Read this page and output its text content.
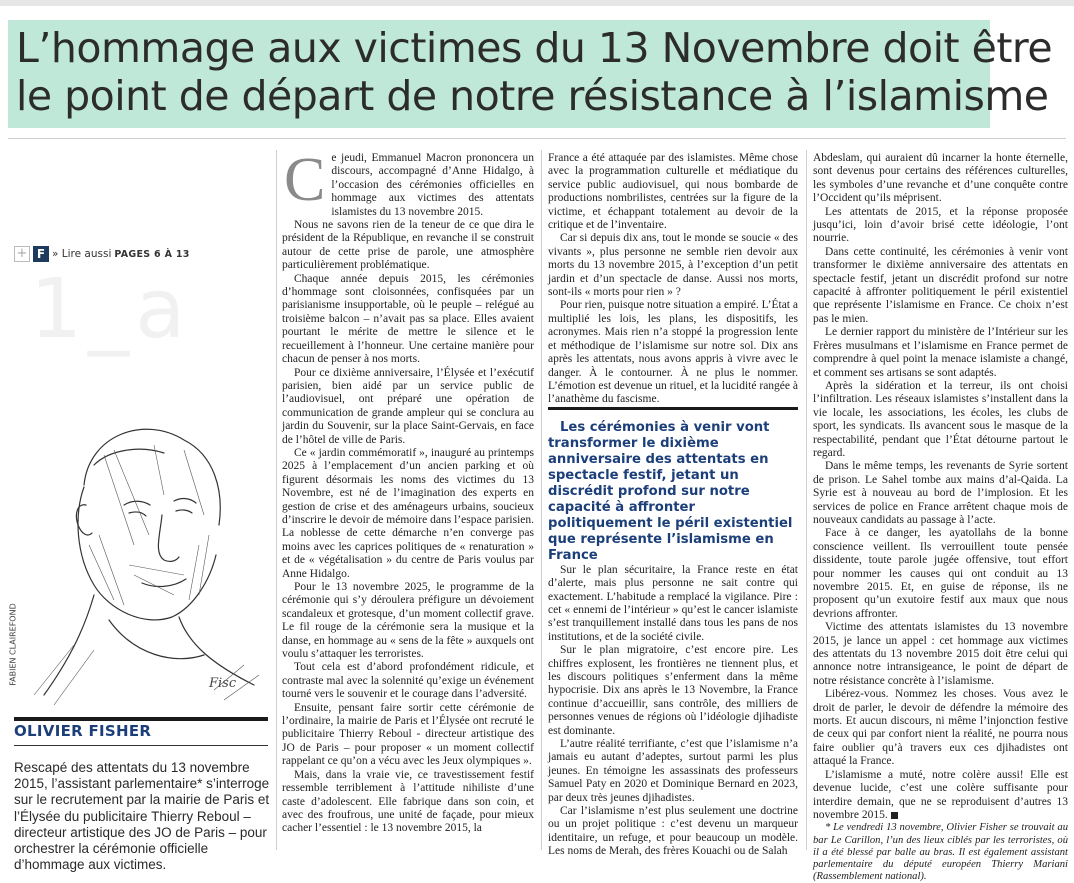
L’hommage aux victimes du 13 Novembre doit être
le point de départ de notre résistance à l’islamisme
1_a
+ F » Lire aussi PAGES 6 À 13
Fisc
FABIEN CLAIREFOND
OLIVIER FISHER
Rescapé des attentats du 13 novembre 2015, l’assistant parlementaire* s’interroge sur le recrutement par la mairie de Paris et l’Élysée du publicitaire Thierry Reboul – directeur artistique des JO de Paris – pour orchestrer la cérémonie officielle d’hommage aux victimes.
C e jeudi, Emmanuel Macron prononcera un discours, accompagné d’Anne Hidalgo, à l’occasion des cérémonies officielles en hommage aux victimes des attentats islamistes du 13 novembre 2015.

Nous ne savons rien de la teneur de ce que dira le président de la République, en revanche il se construit autour de cette prise de parole, une atmosphère particulièrement problématique.

Chaque année depuis 2015, les cérémonies d’hommage sont cloisonnées, confisquées par un parisianisme insupportable, où le peuple – relégué au troisième balcon – n’avait pas sa place. Elles avaient pourtant le mérite de mettre le silence et le recueillement à l’honneur. Une certaine manière pour chacun de penser à nos morts.

Pour ce dixième anniversaire, l’Élysée et l’exécutif parisien, bien aidé par un service public de l’audiovisuel, ont préparé une opération de communication de grande ampleur qui se conclura au jardin du Souvenir, sur la place Saint-Gervais, en face de l’hôtel de ville de Paris.

Ce « jardin commémoratif », inauguré au printemps 2025 à l’emplacement d’un ancien parking et où figurent désormais les noms des victimes du 13 Novembre, est né de l’imagination des experts en gestion de crise et des aménageurs urbains, soucieux d’inscrire le devoir de mémoire dans l’espace parisien. La noblesse de cette démarche n’en converge pas moins avec les caprices politiques de « renaturation » et de « végétalisation » du centre de Paris voulus par Anne Hidalgo.

Pour le 13 novembre 2025, le programme de la cérémonie qui s’y déroulera préfigure un dévoiement scandaleux et grotesque, d’un moment collectif grave. Le fil rouge de la cérémonie sera la musique et la danse, en hommage au « sens de la fête » auxquels ont voulu s’attaquer les terroristes.

Tout cela est d’abord profondément ridicule, et contraste mal avec la solennité qu’exige un événement tourné vers le souvenir et le courage dans l’adversité.

Ensuite, pensant faire sortir cette cérémonie de l’ordinaire, la mairie de Paris et l’Élysée ont recruté le publicitaire Thierry Reboul - directeur artistique des JO de Paris – pour proposer « un moment collectif rappelant ce qu’on a vécu avec les Jeux olympiques ».

Mais, dans la vraie vie, ce travestissement festif ressemble terriblement à l’attitude nihiliste d’une caste d’adolescent. Elle fabrique dans son coin, et avec des froufrous, une unité de façade, pour mieux cacher l’essentiel : le 13 novembre 2015, la

France a été attaquée par des islamistes. Même chose avec la programmation culturelle et médiatique du service public audiovisuel, qui nous bombarde de productions nombrilistes, centrées sur la figure de la victime, et échappant totalement au devoir de la critique et de l’inventaire.

Car si depuis dix ans, tout le monde se soucie « des vivants », plus personne ne semble rien devoir aux morts du 13 novembre 2015, à l’exception d’un petit jardin et d’un spectacle de danse. Aussi nos morts, sont-ils « morts pour rien » ?

Pour rien, puisque notre situation a empiré. L’État a multiplié les lois, les plans, les dispositifs, les acronymes. Mais rien n’a stoppé la progression lente et méthodique de l’islamisme sur notre sol. Dix ans après les attentats, nous avons appris à vivre avec le danger. À le contourner. À ne plus le nommer. L’émotion est devenue un rituel, et la lucidité rangée à l’anathème du fascisme.

Les cérémonies à venir vont transformer le dixième anniversaire des attentats en spectacle festif, jetant un discrédit profond sur notre capacité à affronter politiquement le péril existentiel que représente l’islamisme en France

Sur le plan sécuritaire, la France reste en état d’alerte, mais plus personne ne sait contre qui exactement. L’habitude a remplacé la vigilance. Pire : cet « ennemi de l’intérieur » qu’est le cancer islamiste s’est tranquillement installé dans tous les pans de nos institutions, et de la société civile.

Sur le plan migratoire, c’est encore pire. Les chiffres explosent, les frontières ne tiennent plus, et les discours politiques s’enferment dans la même hypocrisie. Dix ans après le 13 Novembre, la France continue d’accueillir, sans contrôle, des milliers de personnes venues de régions où l’idéologie djihadiste est dominante.

L’autre réalité terrifiante, c’est que l’islamisme n’a jamais eu autant d’adeptes, surtout parmi les plus jeunes. En témoigne les assassinats des professeurs Samuel Paty en 2020 et Dominique Bernard en 2023, par deux très jeunes djihadistes.

Car l’islamisme n’est plus seulement une doctrine ou un projet politique : c’est devenu un marqueur identitaire, un refuge, et pour beaucoup un modèle. Les noms de Merah, des frères Kouachi ou de Salah

Abdeslam, qui auraient dû incarner la honte éternelle, sont devenus pour certains des références culturelles, les symboles d’une revanche et d’une conquête contre l’Occident qu’ils méprisent.

Les attentats de 2015, et la réponse proposée jusqu’ici, loin d’avoir brisé cette idéologie, l’ont nourrie.

Dans cette continuité, les cérémonies à venir vont transformer le dixième anniversaire des attentats en spectacle festif, jetant un discrédit profond sur notre capacité à affronter politiquement le péril existentiel que représente l’islamisme en France. Ce choix n’est pas le mien.

Le dernier rapport du ministère de l’Intérieur sur les Frères musulmans et l’islamisme en France permet de comprendre à quel point la menace islamiste a changé, et comment ses artisans se sont adaptés.

Après la sidération et la terreur, ils ont choisi l’infiltration. Les réseaux islamistes s’installent dans la vie locale, les associations, les écoles, les clubs de sport, les syndicats. Ils avancent sous le masque de la respectabilité, pendant que l’État détourne partout le regard.

Dans le même temps, les revenants de Syrie sortent de prison. Le Sahel tombe aux mains d’al-Qaida. La Syrie est à nouveau au bord de l’implosion. Et les services de police en France arrêtent chaque mois de nouveaux candidats au passage à l’acte.

Face à ce danger, les ayatollahs de la bonne conscience veillent. Ils verrouillent toute pensée dissidente, toute parole jugée offensive, tout effort pour nommer les causes qui ont conduit au 13 novembre 2015. Et, en guise de réponse, ils ne proposent qu’un exutoire festif aux maux que nous devrions affronter.

Victime des attentats islamistes du 13 novembre 2015, je lance un appel : cet hommage aux victimes des attentats du 13 novembre 2015 doit être celui qui annonce notre intransigeance, le point de départ de notre résistance concrète à l’islamisme.

Libérez-vous. Nommez les choses. Vous avez le droit de parler, le devoir de défendre la mémoire des morts. Et aucun discours, ni même l’injonction festive de ceux qui par confort nient la réalité, ne pourra nous faire oublier qu’à travers eux ces djihadistes ont attaqué la France.

L’islamisme a muté, notre colère aussi! Elle est devenue lucide, c’est une colère suffisante pour interdire demain, que ne se reproduisent d’autres 13 novembre 2015.

* Le vendredi 13 novembre, Olivier Fisher se trouvait au bar Le Carillon, l’un des lieux ciblés par les terroristes, où il a été blessé par balle au bras. Il est également assistant parlementaire du député européen Thierry Mariani (Rassemblement national).
